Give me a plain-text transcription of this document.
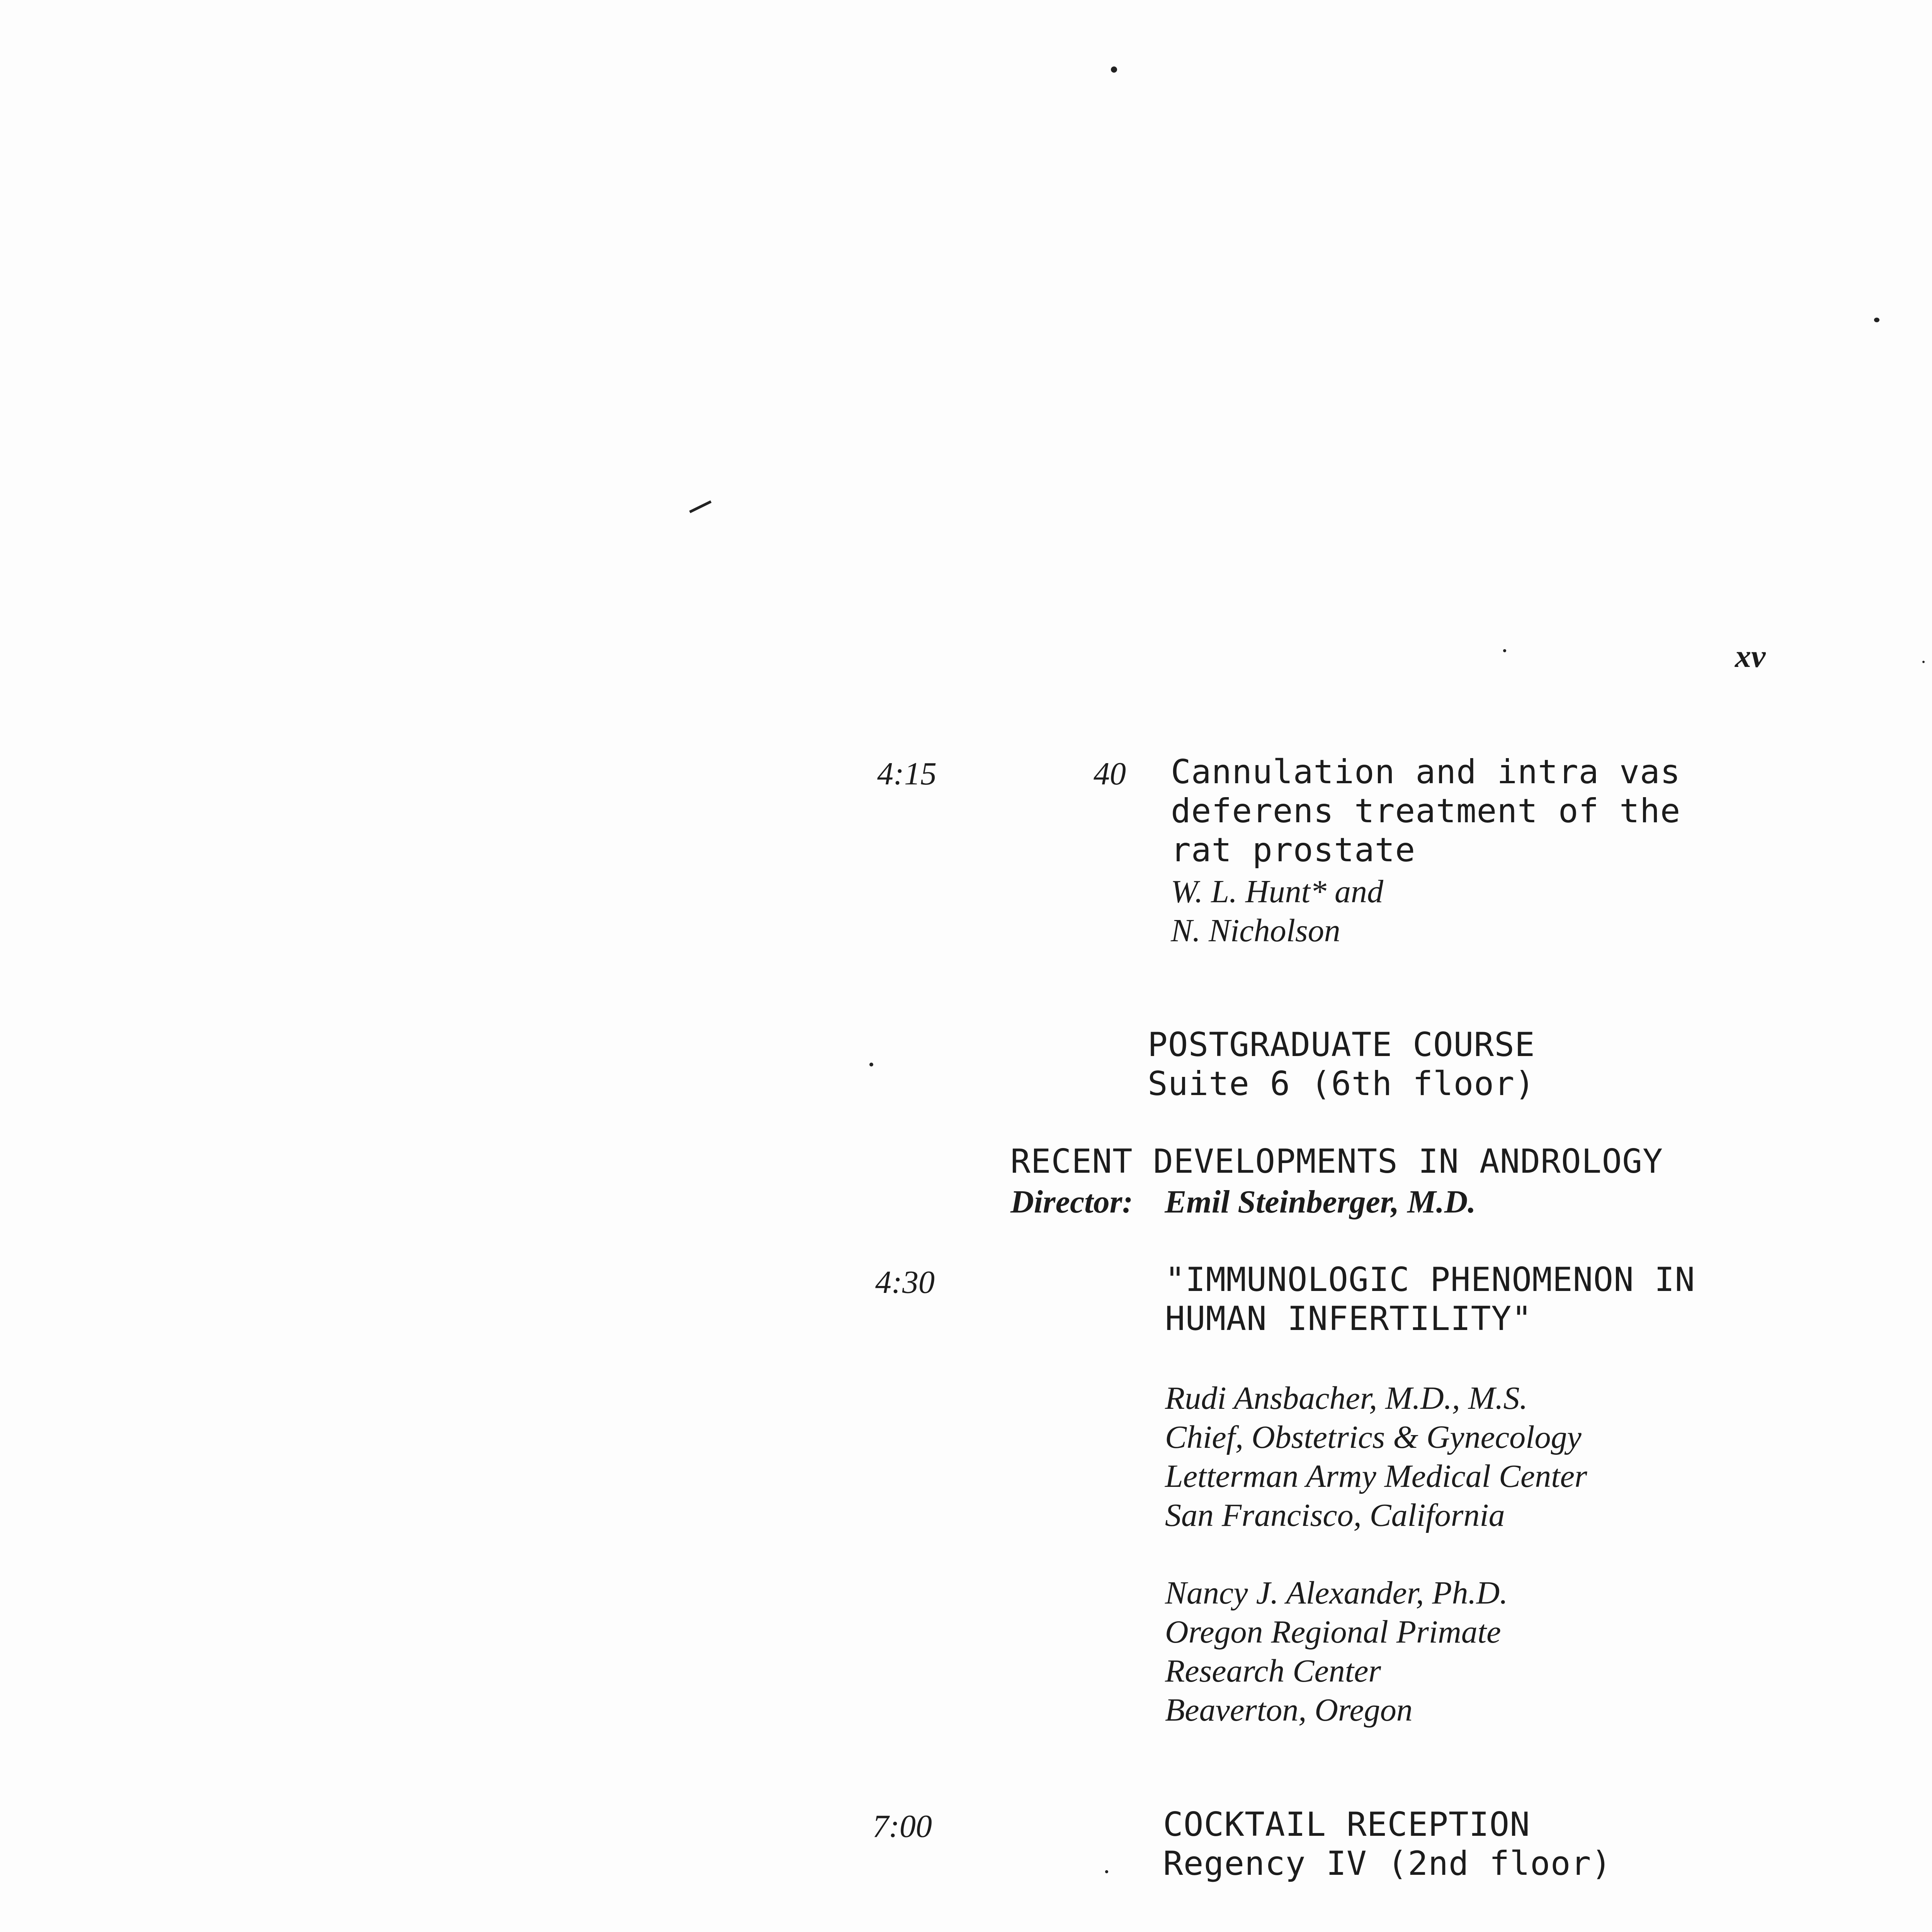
xv
4:15	40 Cannulation and intra vas
deferens treatment of the
rat prostate
W. L. Hunt* and
N. Nicholson
POSTGRADUATE COURSE
Suite 6 (6th floor)
RECENT DEVELOPMENTS IN ANDROLOGY
Director: Emil Steinberger, M.D.
4:30	"IMMUNOLOGIC PHENOMENON IN
HUMAN INFERTILITY"
Rudi Ansbacher, M.D., M.S.
Chief, Obstetrics & Gynecology
Letterman Army Medical Center
San Francisco, California
Nancy J. Alexander, Ph.D.
Oregon Regional Primate
Research Center
Beaverton, Oregon
7:00	COCKTAIL RECEPTION
Regency IV (2nd floor)
